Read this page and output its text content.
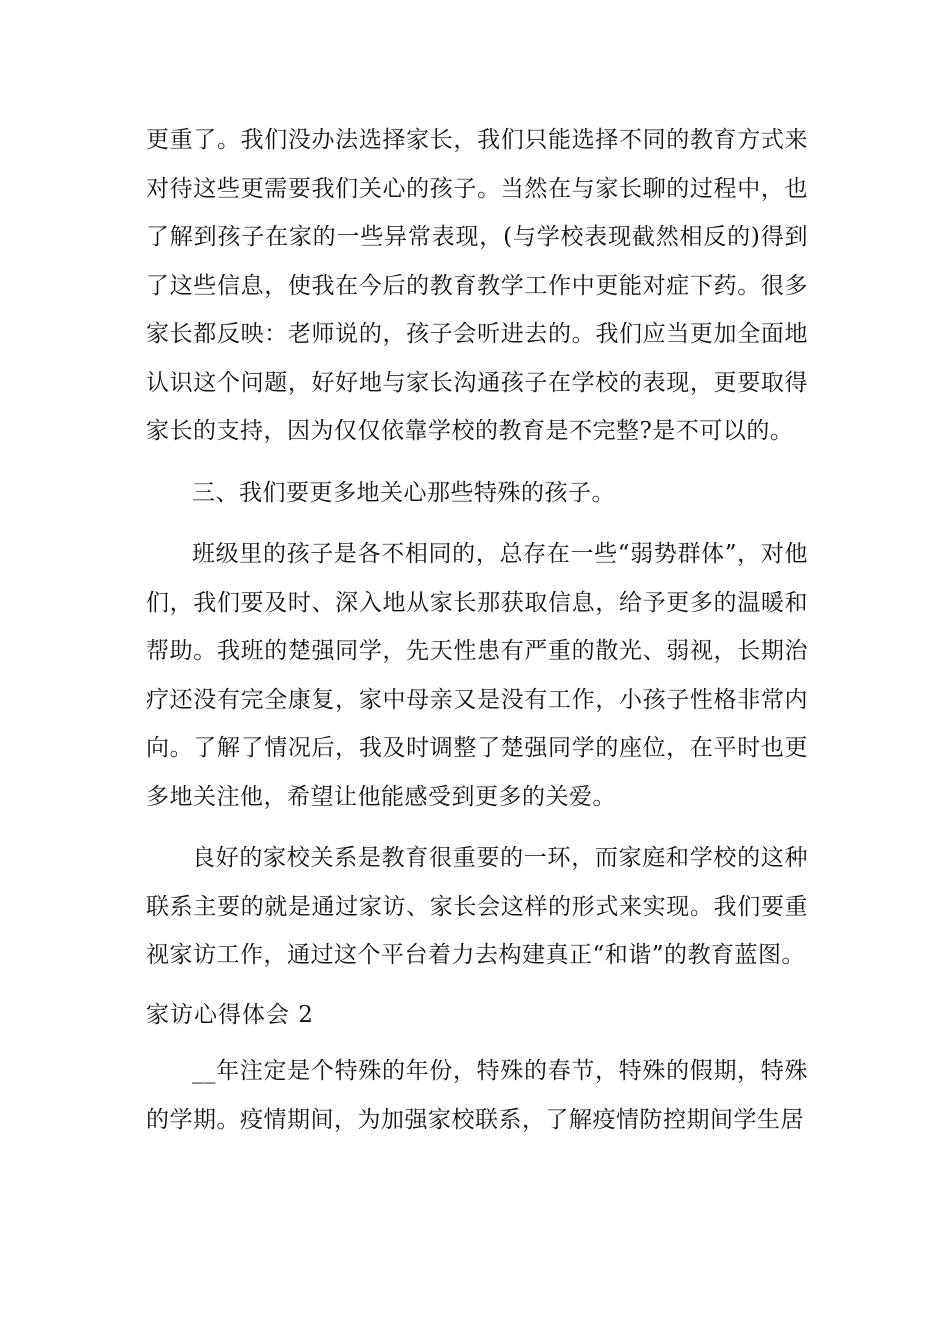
更重了。我们没办法选择家长，我们只能选择不同的教育方式来对待这些更需要我们关心的孩子。当然在与家长聊的过程中，也了解到孩子在家的一些异常表现，(与学校表现截然相反的)得到了这些信息，使我在今后的教育教学工作中更能对症下药。很多家长都反映：老师说的，孩子会听进去的。我们应当更加全面地认识这个问题，好好地与家长沟通孩子在学校的表现，更要取得家长的支持，因为仅仅依靠学校的教育是不完整?是不可以的。

三、我们要更多地关心那些特殊的孩子。

班级里的孩子是各不相同的，总存在一些“弱势群体”，对他们，我们要及时、深入地从家长那获取信息，给予更多的温暖和帮助。我班的楚强同学，先天性患有严重的散光、弱视，长期治疗还没有完全康复，家中母亲又是没有工作，小孩子性格非常内向。了解了情况后，我及时调整了楚强同学的座位，在平时也更多地关注他，希望让他能感受到更多的关爱。

良好的家校关系是教育很重要的一环，而家庭和学校的这种联系主要的就是通过家访、家长会这样的形式来实现。我们要重视家访工作，通过这个平台着力去构建真正“和谐”的教育蓝图。

家访心得体会 2

__年注定是个特殊的年份，特殊的春节，特殊的假期，特殊的学期。疫情期间，为加强家校联系，了解疫情防控期间学生居
